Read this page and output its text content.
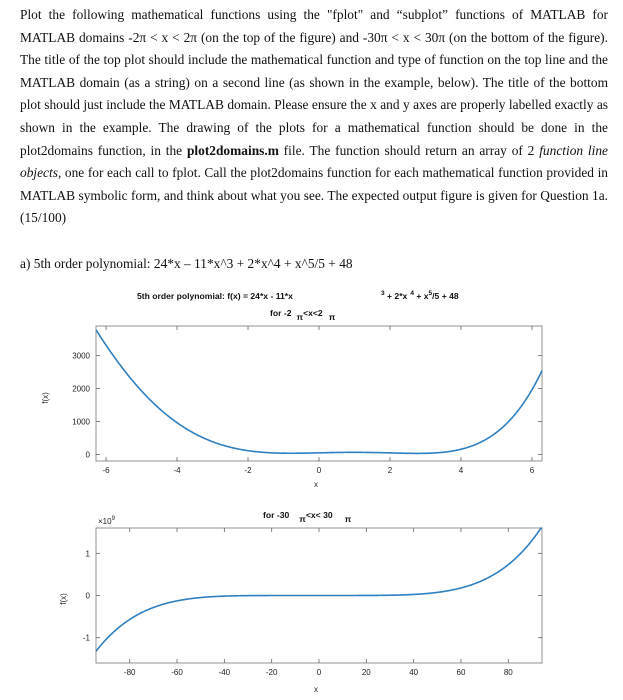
Plot the following mathematical functions using the "fplot" and “subplot” functions of MATLAB for MATLAB domains -2π < x < 2π (on the top of the figure) and -30π < x < 30π (on the bottom of the figure). The title of the top plot should include the mathematical function and type of function on the top line and the MATLAB domain (as a string) on a second line (as shown in the example, below). The title of the bottom plot should just include the MATLAB domain. Please ensure the x and y axes are properly labelled exactly as shown in the example. The drawing of the plots for a mathematical function should be done in the plot2domains function, in the plot2domains.m file. The function should return an array of 2 function line objects, one for each call to fplot. Call the plot2domains function for each mathematical function provided in MATLAB symbolic form, and think about what you see. The expected output figure is given for Question 1a. (15/100)

a) 5th order polynomial: 24*x – 11*x^3 + 2*x^4 + x^5/5 + 48

5th order polynomial: f(x) = 24*x - 11*x	3 + 2*x $^4 + x^5/5 + 48$
for -2 π<x<2 π
-6	-4	-2	0	2	4	6
0
1000
2000
3000
x
f(x)
for -30 π<x< 30 π
$\times 10^9$
-80	-60	-40	-20	0	20	40	60	80
-1
0
1
x
f(x)
